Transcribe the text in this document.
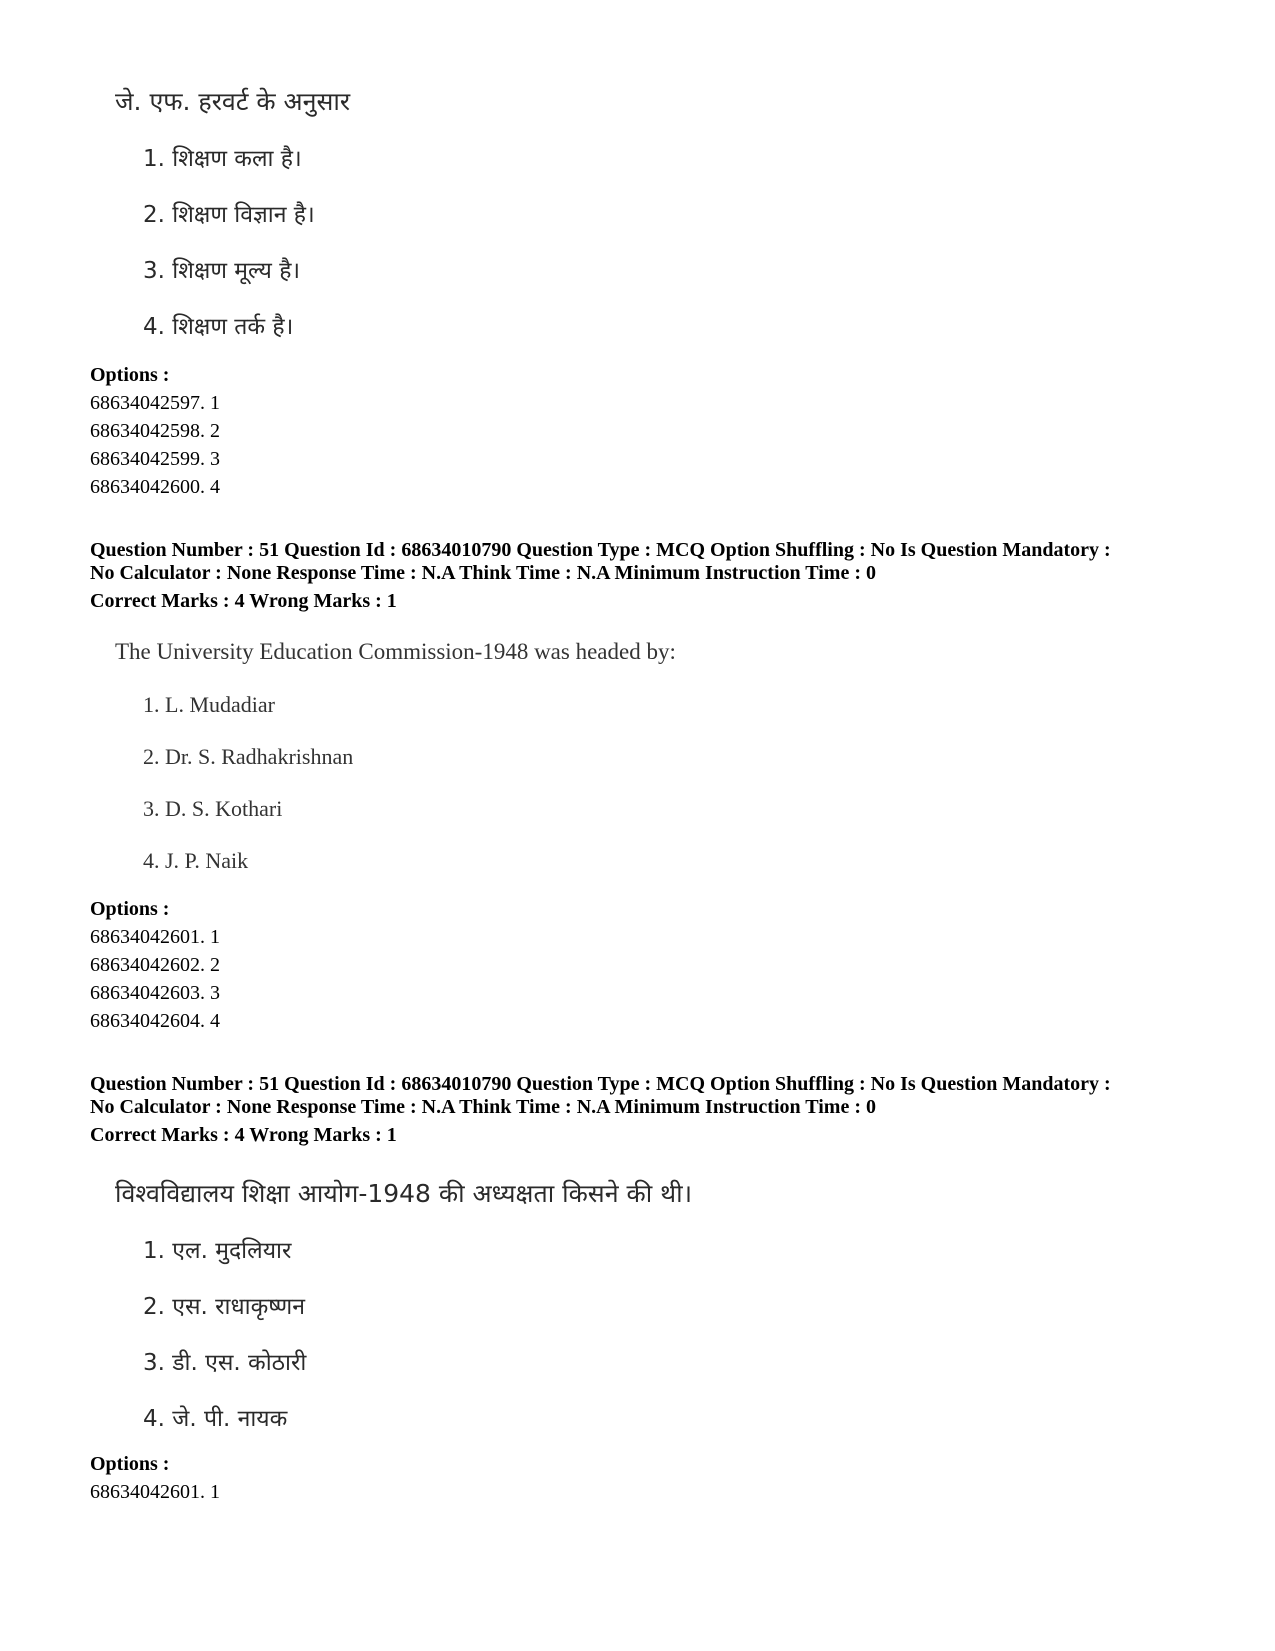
जे. एफ. हरवर्ट के अनुसार
1. शिक्षण कला है।
2. शिक्षण विज्ञान है।
3. शिक्षण मूल्य है।
4. शिक्षण तर्क है।
Options :
68634042597. 1
68634042598. 2
68634042599. 3
68634042600. 4
Question Number : 51 Question Id : 68634010790 Question Type : MCQ Option Shuffling : No Is Question Mandatory :
No Calculator : None Response Time : N.A Think Time : N.A Minimum Instruction Time : 0
Correct Marks : 4 Wrong Marks : 1
The University Education Commission-1948 was headed by:
1. L. Mudadiar
2. Dr. S. Radhakrishnan
3. D. S. Kothari
4. J. P. Naik
Options :
68634042601. 1
68634042602. 2
68634042603. 3
68634042604. 4
Question Number : 51 Question Id : 68634010790 Question Type : MCQ Option Shuffling : No Is Question Mandatory :
No Calculator : None Response Time : N.A Think Time : N.A Minimum Instruction Time : 0
Correct Marks : 4 Wrong Marks : 1
विश्वविद्यालय शिक्षा आयोग-1948 की अध्यक्षता किसने की थी।
1. एल. मुदलियार
2. एस. राधाकृष्णन
3. डी. एस. कोठारी
4. जे. पी. नायक
Options :
68634042601. 1
